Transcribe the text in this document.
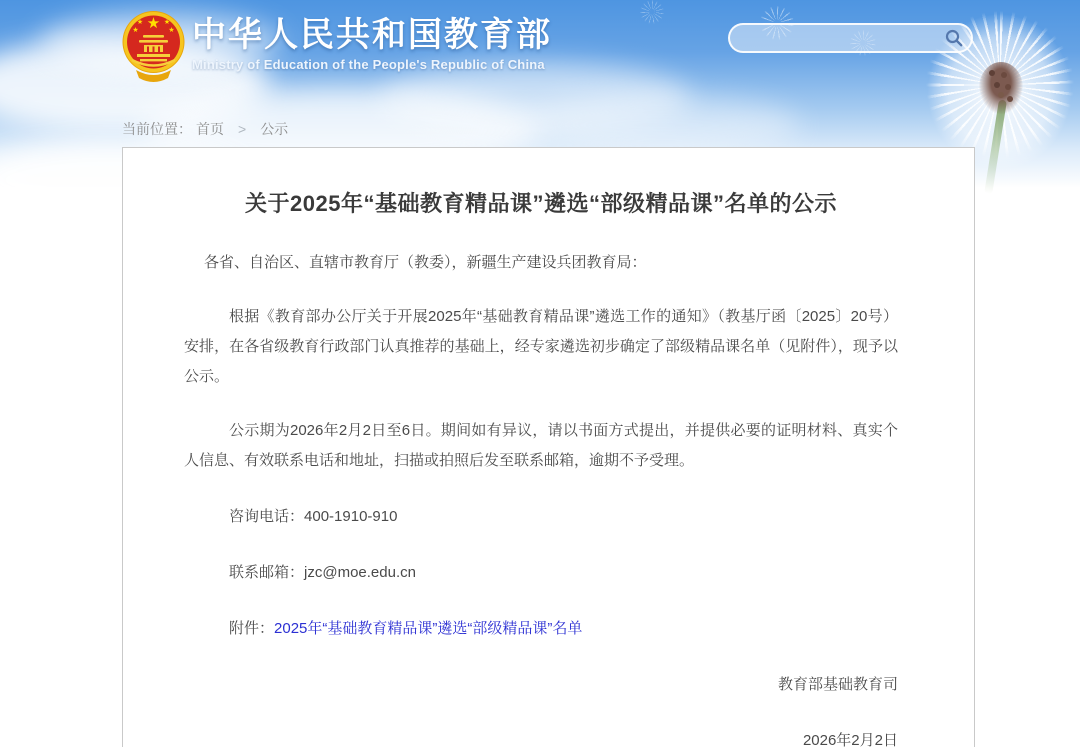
★
★	★
★	★ 中华人民共和国教育部
Ministry of Education of the People's Republic of China
当前位置： 首页 > 公示
关于2025年“基础教育精品课”遴选“部级精品课”名单的公示

各省、自治区、直辖市教育厅（教委），新疆生产建设兵团教育局：

根据《教育部办公厅关于开展2025年“基础教育精品课”遴选工作的通知》（教基厅函〔2025〕20号）安排，在各省级教育行政部门认真推荐的基础上，经专家遴选初步确定了部级精品课名单（见附件），现予以公示。

公示期为2026年2月2日至6日。期间如有异议，请以书面方式提出，并提供必要的证明材料、真实个人信息、有效联系电话和地址，扫描或拍照后发至联系邮箱，逾期不予受理。

咨询电话：400-1910-910

联系邮箱：jzc@moe.edu.cn

附件：2025年“基础教育精品课”遴选“部级精品课”名单

教育部基础教育司

2026年2月2日
